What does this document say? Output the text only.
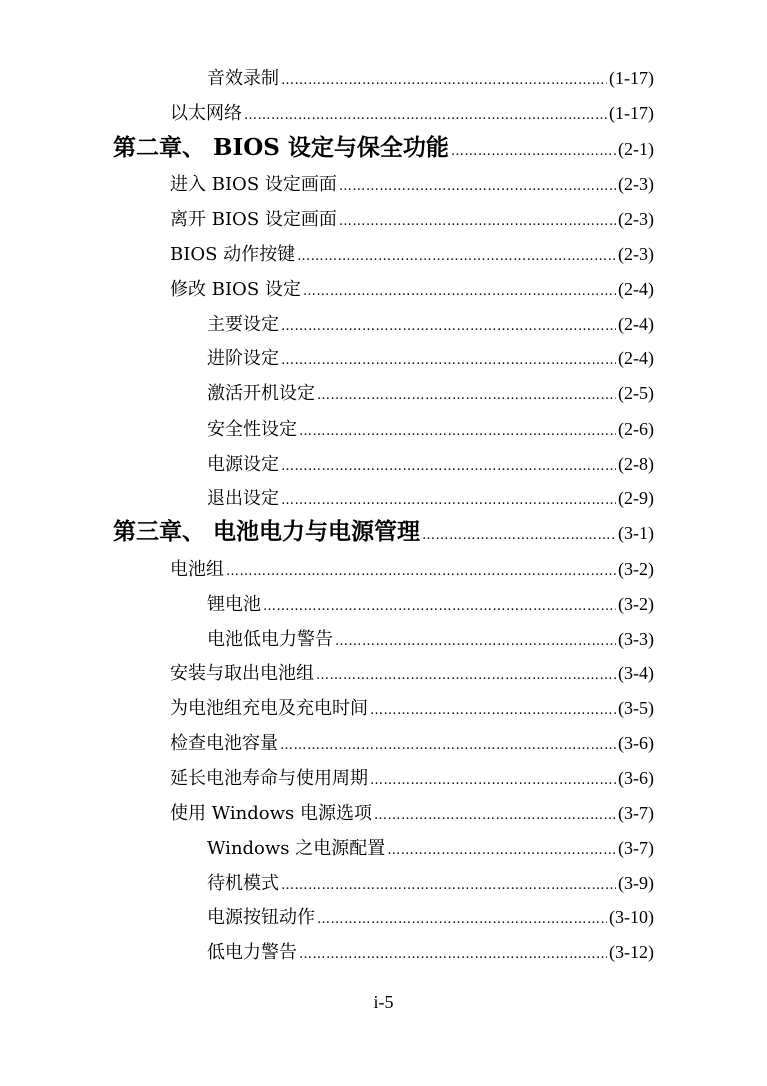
音效录制 …………………………………………………………………………………………………………	(1-17)
以太网络 …………………………………………………………………………………………………………	(1-17)
第二章、 BIOS 设定与保全功能 …………………………………………………………………………………………………………	(2-1)
进入 BIOS 设定画面 …………………………………………………………………………………………………………	(2-3)
离开 BIOS 设定画面 …………………………………………………………………………………………………………	(2-3)
BIOS 动作按键 …………………………………………………………………………………………………………	(2-3)
修改 BIOS 设定 …………………………………………………………………………………………………………	(2-4)
主要设定 …………………………………………………………………………………………………………	(2-4)
进阶设定 …………………………………………………………………………………………………………	(2-4)
激活开机设定 …………………………………………………………………………………………………………	(2-5)
安全性设定 …………………………………………………………………………………………………………	(2-6)
电源设定 …………………………………………………………………………………………………………	(2-8)
退出设定 …………………………………………………………………………………………………………	(2-9)
第三章、 电池电力与电源管理 …………………………………………………………………………………………………………	(3-1)
电池组 …………………………………………………………………………………………………………	(3-2)
锂电池 …………………………………………………………………………………………………………	(3-2)
电池低电力警告 …………………………………………………………………………………………………………	(3-3)
安装与取出电池组 …………………………………………………………………………………………………………	(3-4)
为电池组充电及充电时间 …………………………………………………………………………………………………………	(3-5)
检查电池容量 …………………………………………………………………………………………………………	(3-6)
延长电池寿命与使用周期 …………………………………………………………………………………………………………	(3-6)
使用 Windows 电源选项 …………………………………………………………………………………………………………	(3-7)
Windows 之电源配置 …………………………………………………………………………………………………………	(3-7)
待机模式 …………………………………………………………………………………………………………	(3-9)
电源按钮动作 …………………………………………………………………………………………………………	(3-10)
低电力警告 …………………………………………………………………………………………………………	(3-12)
i-5
